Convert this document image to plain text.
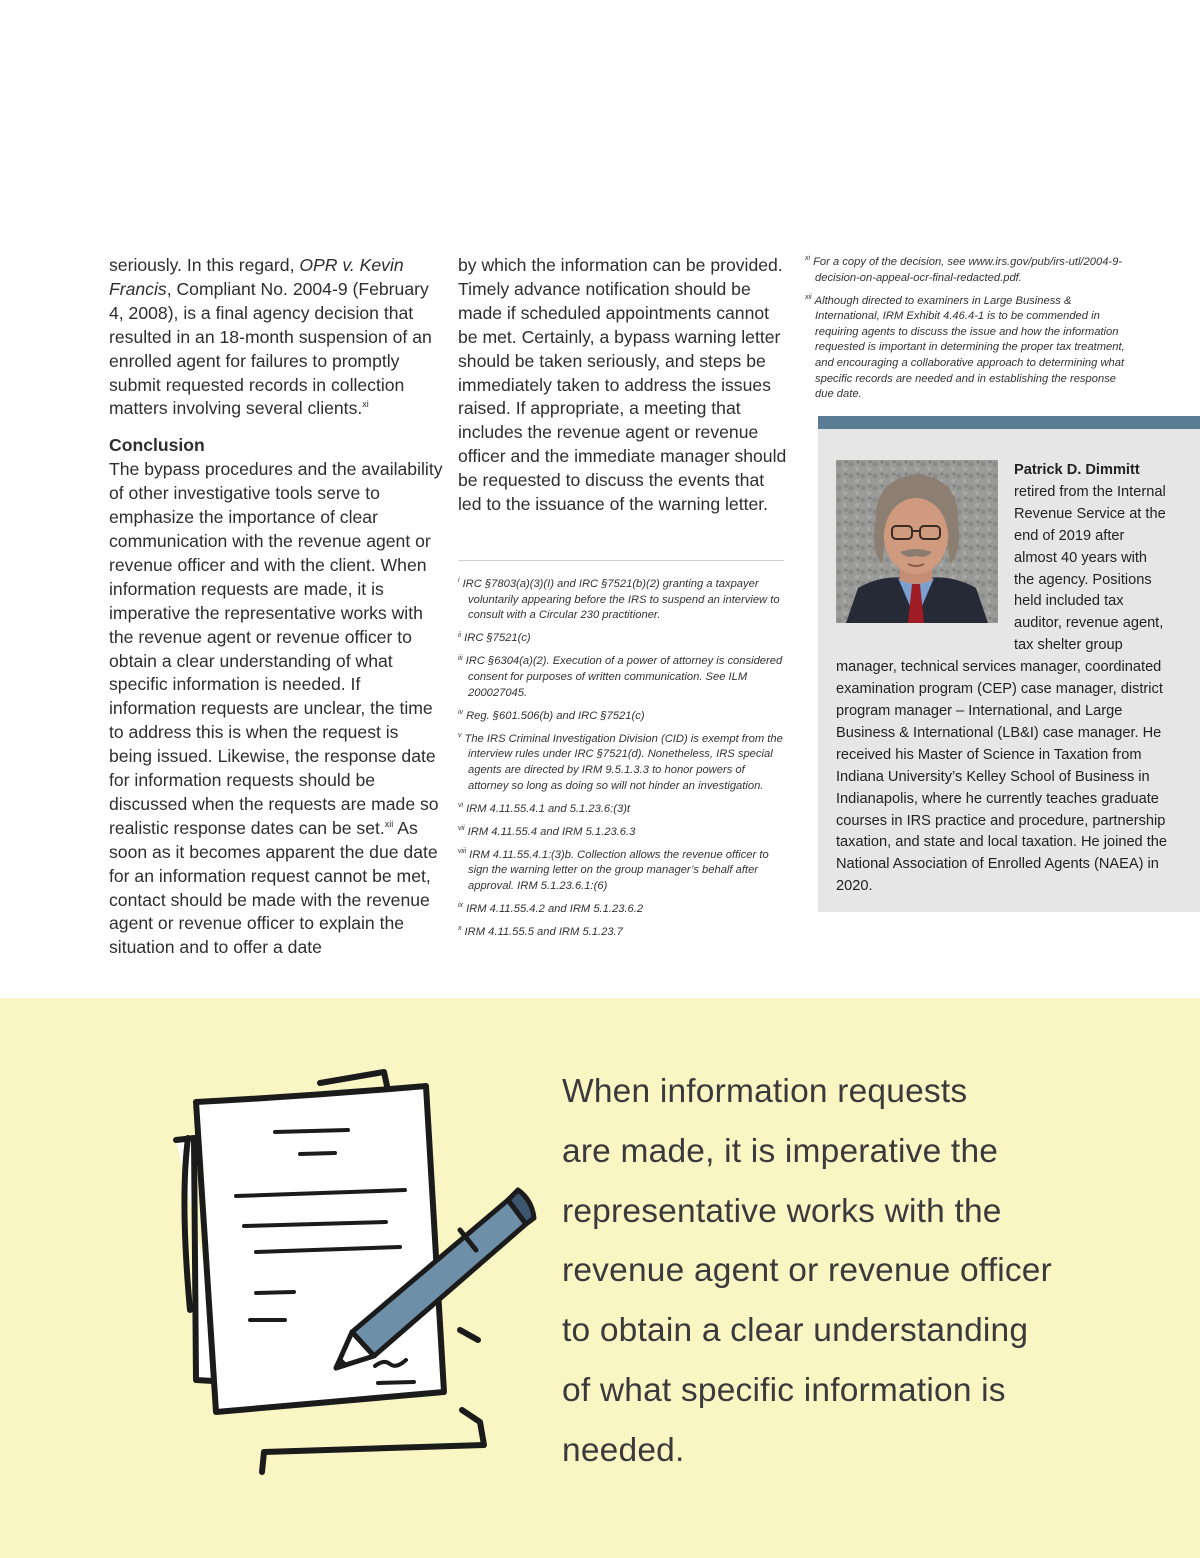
seriously. In this regard, OPR v. Kevin Francis, Compliant No. 2004-9 (February 4, 2008), is a final agency decision that resulted in an 18-month suspension of an enrolled agent for failures to promptly submit requested records in collection matters involving several clients.$^{xi}$

Conclusion

The bypass procedures and the availability of other investigative tools serve to emphasize the importance of clear communication with the revenue agent or revenue officer and with the client. When information requests are made, it is imperative the representative works with the revenue agent or revenue officer to obtain a clear understanding of what specific information is needed. If information requests are unclear, the time to address this is when the request is being issued. Likewise, the response date for information requests should be discussed when the requests are made so realistic response dates can be set.$^{xii}$ As soon as it becomes apparent the due date for an information request cannot be met, contact should be made with the revenue agent or revenue officer to explain the situation and to offer a date

by which the information can be provided. Timely advance notification should be made if scheduled appointments cannot be met. Certainly, a bypass warning letter should be taken seriously, and steps be immediately taken to address the issues raised. If appropriate, a meeting that includes the revenue agent or revenue officer and the immediate manager should be requested to discuss the events that led to the issuance of the warning letter.

$^i$ IRC §7803(a)(3)(I) and IRC §7521(b)(2) granting a taxpayer voluntarily appearing before the IRS to suspend an interview to consult with a Circular 230 practitioner.

$^{ii}$ IRC §7521(c)

$^{iii}$ IRC §6304(a)(2). Execution of a power of attorney is considered consent for purposes of written communication. See ILM 200027045.

$^{iv}$ Reg. §601.506(b) and IRC §7521(c)

$^v$ The IRS Criminal Investigation Division (CID) is exempt from the interview rules under IRC §7521(d). Nonetheless, IRS special agents are directed by IRM 9.5.1.3.3 to honor powers of attorney so long as doing so will not hinder an investigation.

$^{vi}$ IRM 4.11.55.4.1 and 5.1.23.6:(3)t

$^{vii}$ IRM 4.11.55.4 and IRM 5.1.23.6.3

$^{viii}$ IRM 4.11.55.4.1:(3)b. Collection allows the revenue officer to sign the warning letter on the group manager’s behalf after approval. IRM 5.1.23.6.1:(6)

$^{ix}$ IRM 4.11.55.4.2 and IRM 5.1.23.6.2

$^x$ IRM 4.11.55.5 and IRM 5.1.23.7

$^{xi}$ For a copy of the decision, see www.irs.gov/pub/irs-utl/2004-9-decision-on-appeal-ocr-final-redacted.pdf.

$^{xii}$ Although directed to examiners in Large Business & International, IRM Exhibit 4.46.4-1 is to be commended in requiring agents to discuss the issue and how the information requested is important in determining the proper tax treatment, and encouraging a collaborative approach to determining what specific records are needed and in establishing the response due date.

Patrick D. Dimmitt retired from the Internal Revenue Service at the end of 2019 after almost 40 years with the agency. Positions held included tax auditor, revenue agent, tax shelter group manager, technical services manager, coordinated examination program (CEP) case manager, district program manager – International, and Large Business & International (LB&I) case manager. He received his Master of Science in Taxation from Indiana University’s Kelley School of Business in Indianapolis, where he currently teaches graduate courses in IRS practice and procedure, partnership taxation, and state and local taxation. He joined the National Association of Enrolled Agents (NAEA) in 2020.
When information requests
are made, it is imperative the
representative works with the
revenue agent or revenue officer
to obtain a clear understanding
of what specific information is
needed.
